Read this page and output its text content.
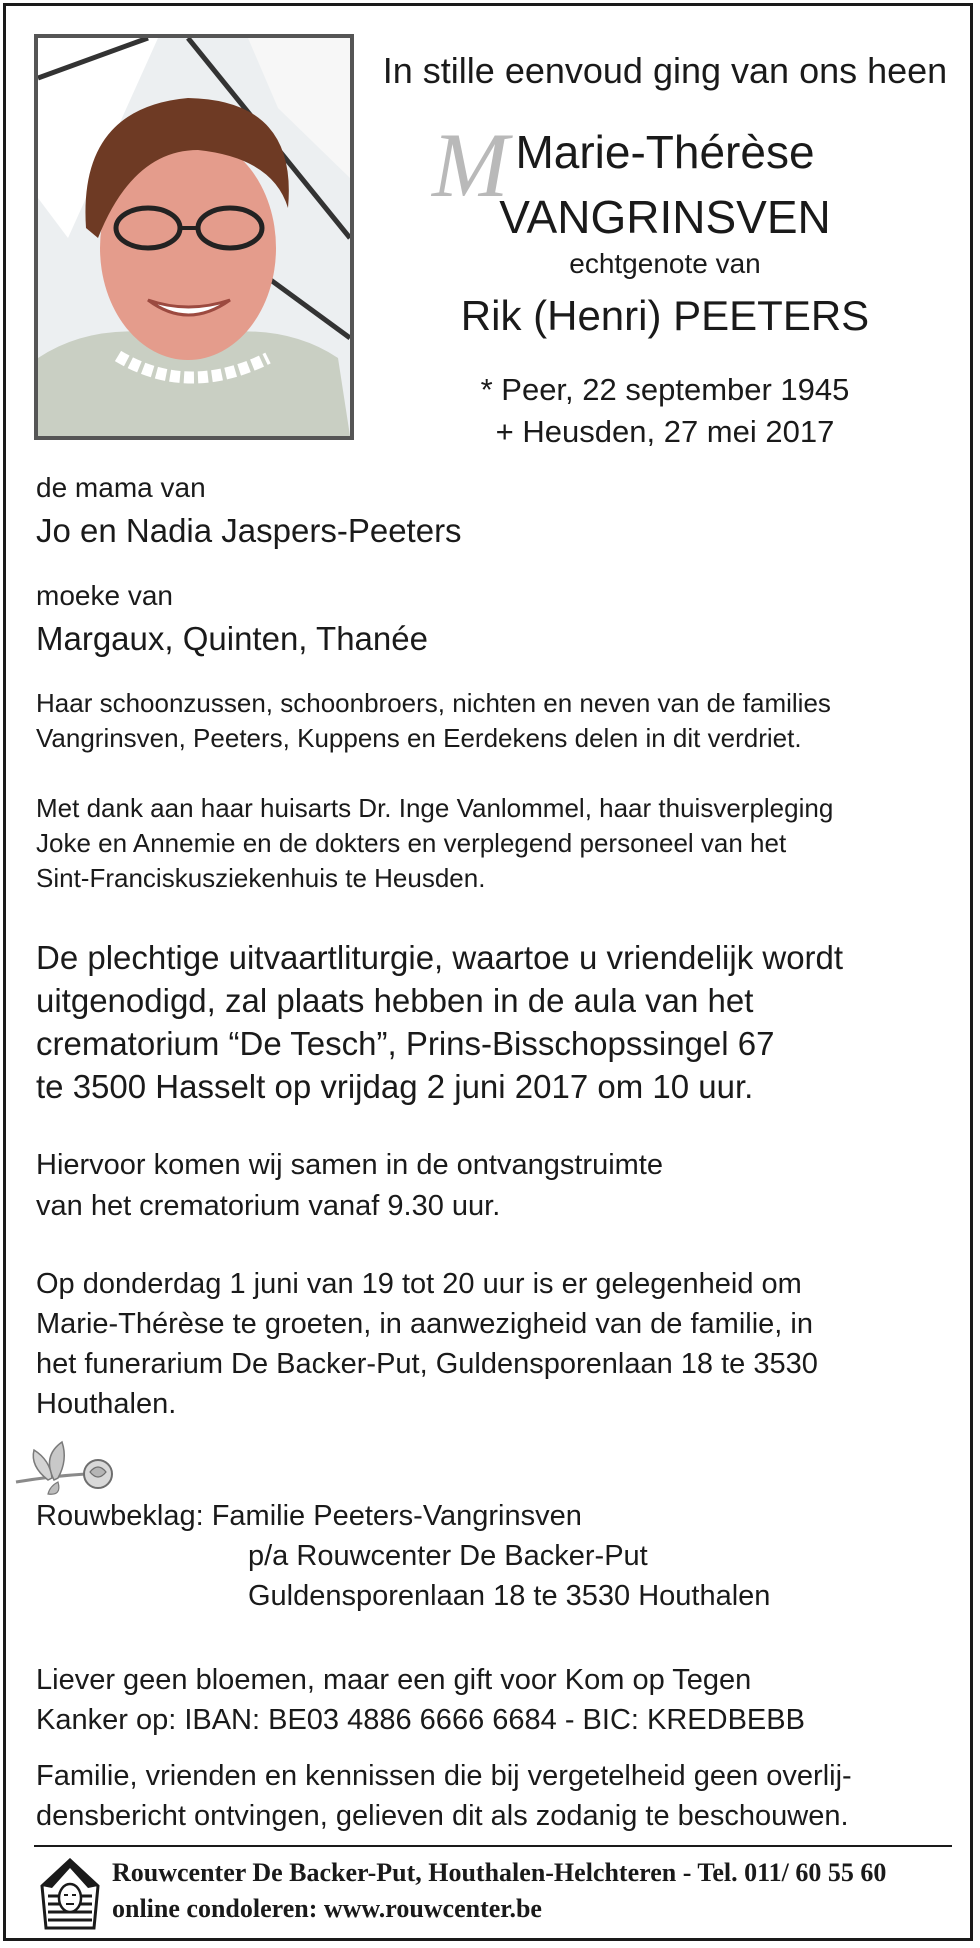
In stille eenvoud ging van ons heen
M Marie-Thérèse
VANGRINSVEN
echtgenote van
Rik (Henri) PEETERS
* Peer, 22 september 1945
+ Heusden, 27 mei 2017
de mama van
Jo en Nadia Jaspers-Peeters
moeke van
Margaux, Quinten, Thanée
Haar schoonzussen, schoonbroers, nichten en neven van de families
Vangrinsven, Peeters, Kuppens en Eerdekens delen in dit verdriet.
Met dank aan haar huisarts Dr. Inge Vanlommel, haar thuisverpleging
Joke en Annemie en de dokters en verplegend personeel van het
Sint-Franciskusziekenhuis te Heusden.
De plechtige uitvaartliturgie, waartoe u vriendelijk wordt
uitgenodigd, zal plaats hebben in de aula van het
crematorium “De Tesch”, Prins-Bisschopssingel 67
te 3500 Hasselt op vrijdag 2 juni 2017 om 10 uur.
Hiervoor komen wij samen in de ontvangstruimte
van het crematorium vanaf 9.30 uur.
Op donderdag 1 juni van 19 tot 20 uur is er gelegenheid om
Marie-Thérèse te groeten, in aanwezigheid van de familie, in
het funerarium De Backer-Put, Guldensporenlaan 18 te 3530
Houthalen.
Rouwbeklag: Familie Peeters-Vangrinsven
p/a Rouwcenter De Backer-Put
Guldensporenlaan 18 te 3530 Houthalen
Liever geen bloemen, maar een gift voor Kom op Tegen
Kanker op: IBAN: BE03 4886 6666 6684 - BIC: KREDBEBB
Familie, vrienden en kennissen die bij vergetelheid geen overlij-
densbericht ontvingen, gelieven dit als zodanig te beschouwen.
Rouwcenter De Backer-Put, Houthalen-Helchteren - Tel. 011/ 60 55 60
online condoleren: www.rouwcenter.be
